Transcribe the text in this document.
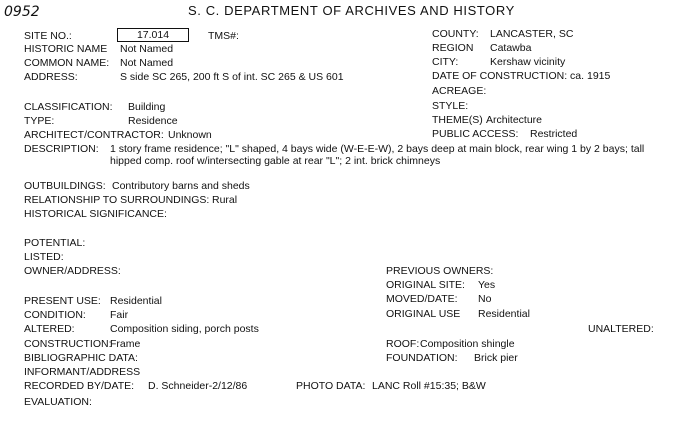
0952	S. C. DEPARTMENT OF ARCHIVES AND HISTORY
SITE NO.:	17.014	TMS#:
HISTORIC NAME Not Named
COMMON NAME: Not Named
ADDRESS:	S side SC 265, 200 ft S of int. SC 265 & US 601
COUNTY: LANCASTER, SC
REGION Catawba
CITY:	Kershaw vicinity
DATE OF CONSTRUCTION: ca. 1915
ACREAGE:
STYLE:
THEME(S) Architecture
PUBLIC ACCESS: Restricted
CLASSIFICATION: Building
TYPE:	Residence
ARCHITECT/CONTRACTOR: Unknown
DESCRIPTION: 1 story frame residence; "L" shaped, 4 bays wide (W-E-E-W), 2 bays deep at main block, rear wing 1 by 2 bays; tall hipped comp. roof w/intersecting gable at rear "L"; 2 int. brick chimneys
OUTBUILDINGS: Contributory barns and sheds
RELATIONSHIP TO SURROUNDINGS: Rural
HISTORICAL SIGNIFICANCE:
POTENTIAL:
LISTED:
OWNER/ADDRESS:	PREVIOUS OWNERS:
ORIGINAL SITE: Yes
MOVED/DATE: No
PRESENT USE: Residential
CONDITION: Fair	ORIGINAL USE Residential
UNALTERED:
ALTERED:	Composition siding, porch posts
CONSTRUCTION:
Frame	ROOF: Composition shingle
BIBLIOGRAPHIC DATA:	FOUNDATION: Brick pier
INFORMANT/ADDRESS
RECORDED BY/DATE: D. Schneider-2/12/86	PHOTO DATA: LANC Roll #15:35; B&W
EVALUATION:
